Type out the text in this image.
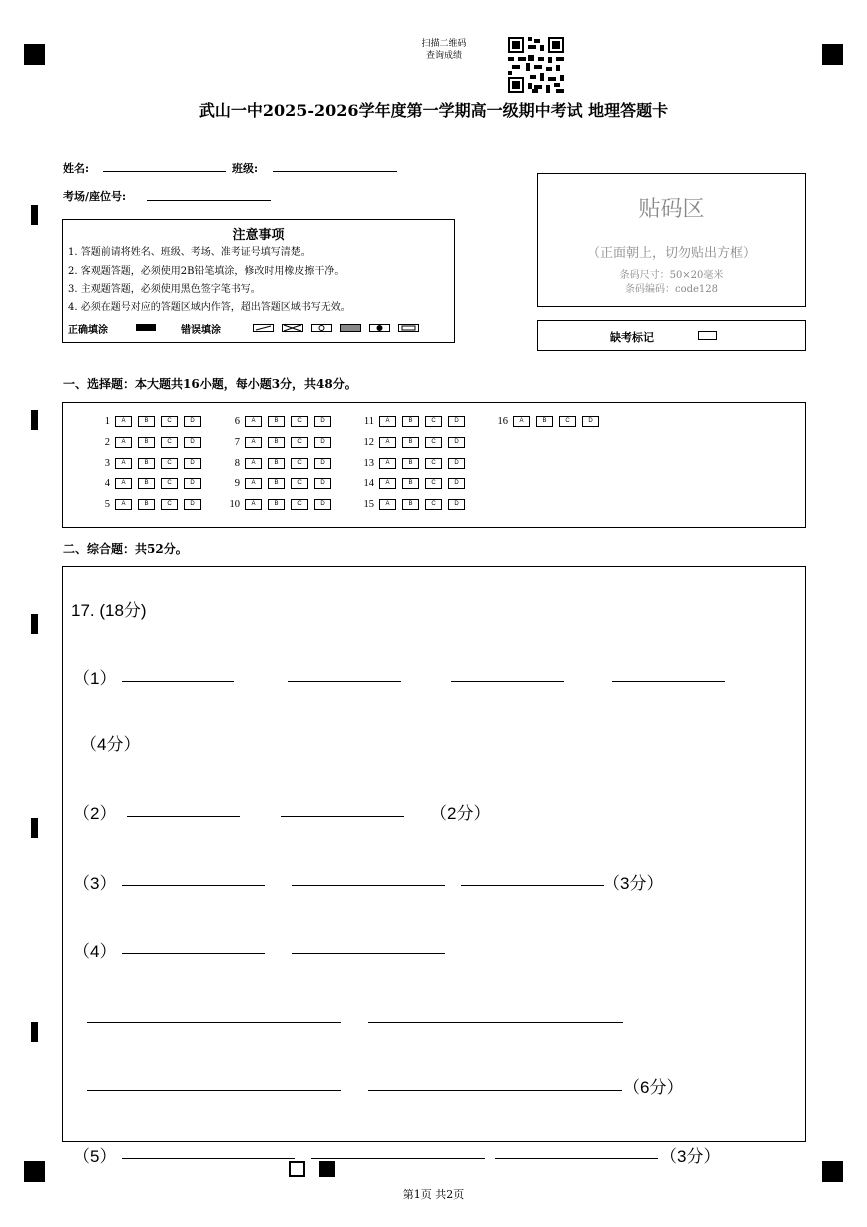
扫描二维码
查询成绩
武山一中2025-2026学年度第一学期高一级期中考试 地理答题卡
姓名:	班级:
考场/座位号:
注意事项
1. 答题前请将姓名、班级、考场、准考证号填写清楚。
2. 客观题答题，必须使用2B铅笔填涂，修改时用橡皮擦干净。
3. 主观题答题，必须使用黑色签字笔书写。
4. 必须在题号对应的答题区域内作答，超出答题区域书写无效。
正确填涂	错误填涂
贴码区
（正面朝上，切勿贴出方框）
条码尺寸：50×20毫米
条码编码：code128
缺考标记
一、选择题：本大题共16小题，每小题3分，共48分。
1	A	B	C	D
2	A	B	C	D
3	A	B	C	D
4	A	B	C	D
5	A	B	C	D
6	A	B	C	D
7	A	B	C	D
8	A	B	C	D
9	A	B	C	D
10	A	B	C	D
11	A	B	C	D
12	A	B	C	D
13	A	B	C	D
14	A	B	C	D
15	A	B	C	D
16	A	B	C	D
二、综合题：共52分。
17. (18分)
（1）
（4分）
（2）	（2分）
（3）	（3分）
（4）
（6分）
（5）	（3分）
第1页 共2页
